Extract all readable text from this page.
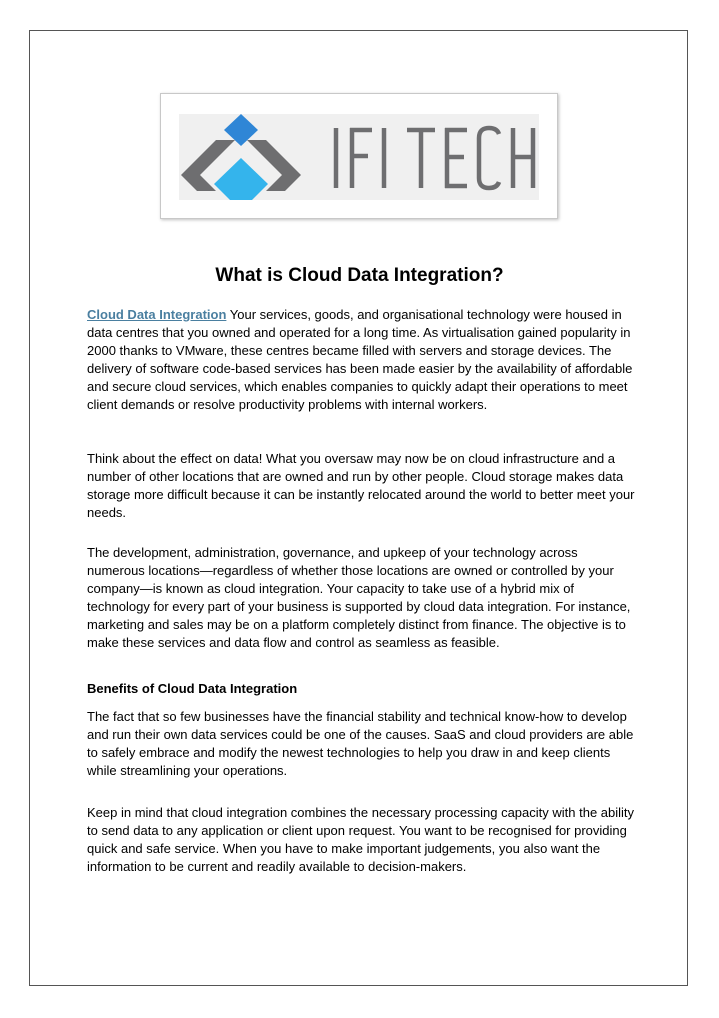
What is Cloud Data Integration?

Cloud Data Integration Your services, goods, and organisational technology were housed in data centres that you owned and operated for a long time. As virtualisation gained popularity in 2000 thanks to VMware, these centres became filled with servers and storage devices. The delivery of software code-based services has been made easier by the availability of affordable and secure cloud services, which enables companies to quickly adapt their operations to meet client demands or resolve productivity problems with internal workers.

Think about the effect on data! What you oversaw may now be on cloud infrastructure and a number of other locations that are owned and run by other people. Cloud storage makes data storage more difficult because it can be instantly relocated around the world to better meet your needs.

The development, administration, governance, and upkeep of your technology across numerous locations—regardless of whether those locations are owned or controlled by your company—is known as cloud integration. Your capacity to take use of a hybrid mix of technology for every part of your business is supported by cloud data integration. For instance, marketing and sales may be on a platform completely distinct from finance. The objective is to make these services and data flow and control as seamless as feasible.

Benefits of Cloud Data Integration

The fact that so few businesses have the financial stability and technical know-how to develop and run their own data services could be one of the causes. SaaS and cloud providers are able to safely embrace and modify the newest technologies to help you draw in and keep clients while streamlining your operations.

Keep in mind that cloud integration combines the necessary processing capacity with the ability to send data to any application or client upon request. You want to be recognised for providing quick and safe service. When you have to make important judgements, you also want the information to be current and readily available to decision-makers.
